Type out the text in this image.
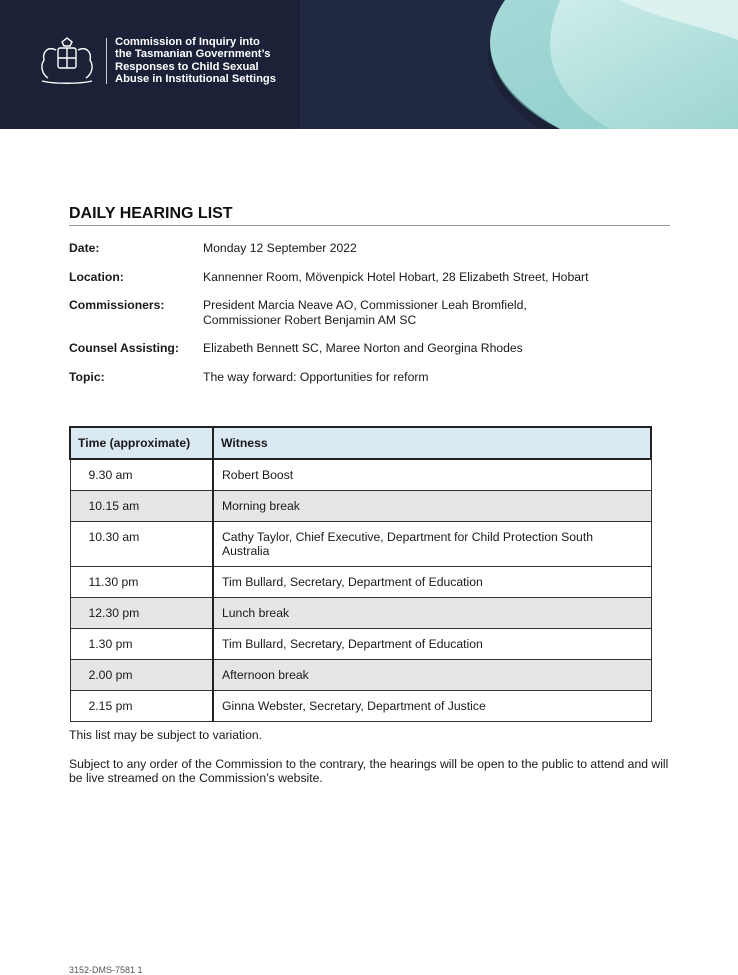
Commission of Inquiry into
the Tasmanian Government’s
Responses to Child Sexual
Abuse in Institutional Settings
DAILY HEARING LIST
Date:	Monday 12 September 2022
Location:	Kannenner Room, Mövenpick Hotel Hobart, 28 Elizabeth Street, Hobart
Commissioners:	President Marcia Neave AO, Commissioner Leah Bromfield, Commissioner Robert Benjamin AM SC
Counsel Assisting: Elizabeth Bennett SC, Maree Norton and Georgina Rhodes
Topic:	The way forward: Opportunities for reform
Time (approximate)	Witness
9.30 am	Robert Boost
10.15 am	Morning break
10.30 am	Cathy Taylor, Chief Executive, Department for Child Protection South Australia
11.30 pm	Tim Bullard, Secretary, Department of Education
12.30 pm	Lunch break
1.30 pm	Tim Bullard, Secretary, Department of Education
2.00 pm	Afternoon break
2.15 pm	Ginna Webster, Secretary, Department of Justice
This list may be subject to variation.
Subject to any order of the Commission to the contrary, the hearings will be open to the public to attend and will be live streamed on the Commission’s website.
3152-DMS-7581 1
